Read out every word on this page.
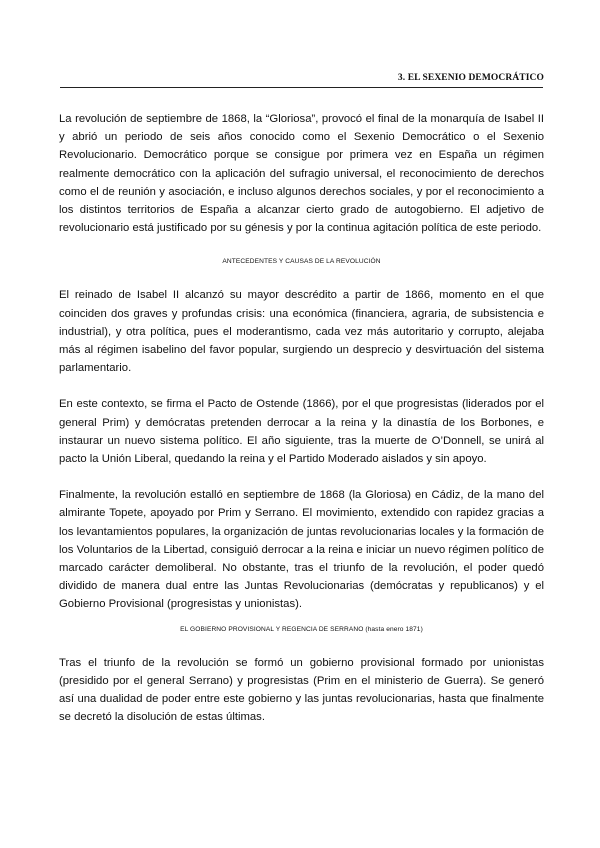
3. EL SEXENIO DEMOCRÁTICO

La revolución de septiembre de 1868, la “Gloriosa”, provocó el final de la monarquía de Isabel II y abrió un periodo de seis años conocido como el Sexenio Democrático o el Sexenio Revolucionario. Democrático porque se consigue por primera vez en España un régimen realmente democrático con la aplicación del sufragio universal, el reconocimiento de derechos como el de reunión y asociación, e incluso algunos derechos sociales, y por el reconocimiento a los distintos territorios de España a alcanzar cierto grado de autogobierno. El adjetivo de revolucionario está justificado por su génesis y por la continua agitación política de este periodo.

ANTECEDENTES Y CAUSAS DE LA REVOLUCIÓN

El reinado de Isabel II alcanzó su mayor descrédito a partir de 1866, momento en el que coinciden dos graves y profundas crisis: una económica (financiera, agraria, de subsistencia e industrial), y otra política, pues el moderantismo, cada vez más autoritario y corrupto, alejaba más al régimen isabelino del favor popular, surgiendo un desprecio y desvirtuación del sistema parlamentario.

En este contexto, se firma el Pacto de Ostende (1866), por el que progresistas (liderados por el general Prim) y demócratas pretenden derrocar a la reina y la dinastía de los Borbones, e instaurar un nuevo sistema político. El año siguiente, tras la muerte de O’Donnell, se unirá al pacto la Unión Liberal, quedando la reina y el Partido Moderado aislados y sin apoyo.

Finalmente, la revolución estalló en septiembre de 1868 (la Gloriosa) en Cádiz, de la mano del almirante Topete, apoyado por Prim y Serrano. El movimiento, extendido con rapidez gracias a los levantamientos populares, la organización de juntas revolucionarias locales y la formación de los Voluntarios de la Libertad, consiguió derrocar a la reina e iniciar un nuevo régimen político de marcado carácter demoliberal. No obstante, tras el triunfo de la revolución, el poder quedó dividido de manera dual entre las Juntas Revolucionarias (demócratas y republicanos) y el Gobierno Provisional (progresistas y unionistas).

EL GOBIERNO PROVISIONAL Y REGENCIA DE SERRANO (hasta enero 1871)

Tras el triunfo de la revolución se formó un gobierno provisional formado por unionistas (presidido por el general Serrano) y progresistas (Prim en el ministerio de Guerra). Se generó así una dualidad de poder entre este gobierno y las juntas revolucionarias, hasta que finalmente se decretó la disolución de estas últimas.
